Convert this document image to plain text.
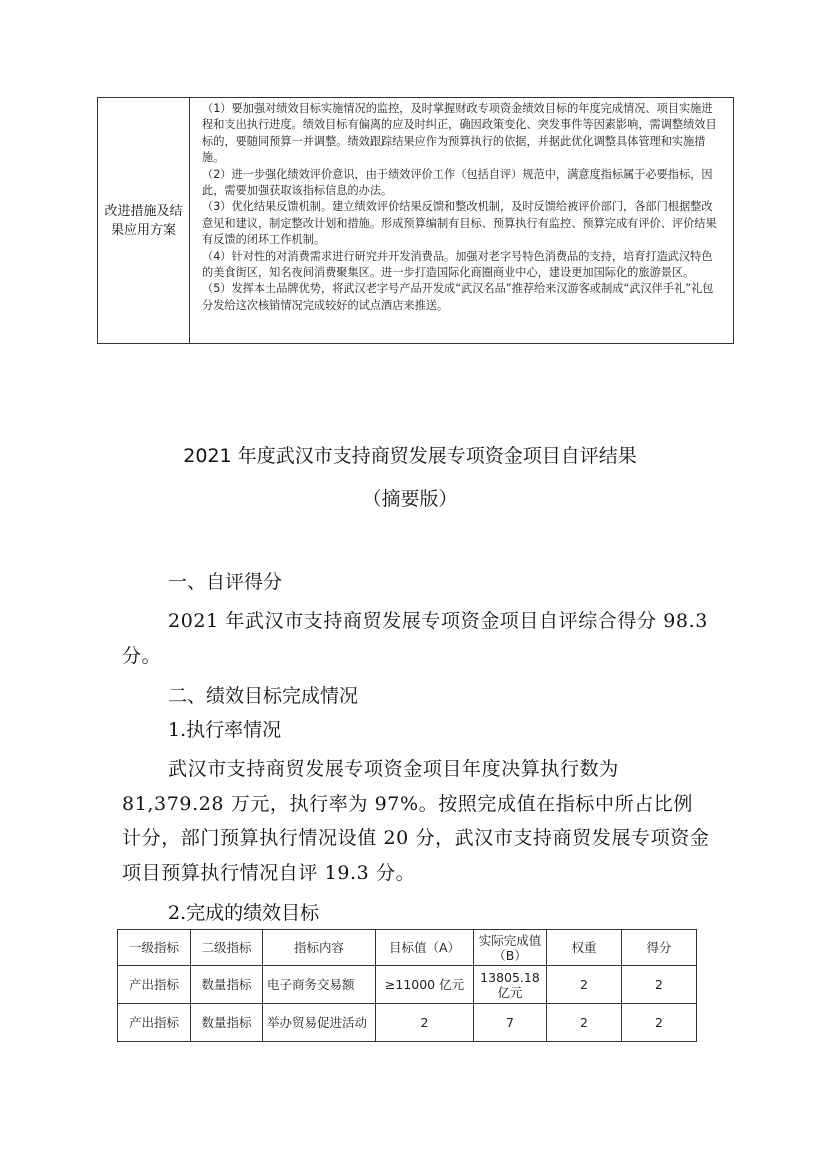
改进措施及结果应用方案

（1）要加强对绩效目标实施情况的监控，及时掌握财政专项资金绩效目标的年度完成情况、项目实施进程和支出执行进度。绩效目标有偏离的应及时纠正，确因政策变化、突发事件等因素影响，需调整绩效目标的，要随同预算一并调整。绩效跟踪结果应作为预算执行的依据，并据此优化调整具体管理和实施措施。

（2）进一步强化绩效评价意识，由于绩效评价工作（包括自评）规范中，满意度指标属于必要指标，因此，需要加强获取该指标信息的办法。

（3）优化结果反馈机制。建立绩效评价结果反馈和整改机制，及时反馈给被评价部门，各部门根据整改意见和建议，制定整改计划和措施。形成预算编制有目标、预算执行有监控、预算完成有评价、评价结果有反馈的闭环工作机制。

（4）针对性的对消费需求进行研究并开发消费品。加强对老字号特色消费品的支持，培育打造武汉特色的美食街区，知名夜间消费聚集区。进一步打造国际化商圈商业中心，建设更加国际化的旅游景区。

（5）发挥本土品牌优势，将武汉老字号产品开发成“武汉名品”推荐给来汉游客或制成“武汉伴手礼”礼包分发给这次核销情况完成较好的试点酒店来推送。

2021 年度武汉市支持商贸发展专项资金项目自评结果
（摘要版）
一、自评得分
2021 年武汉市支持商贸发展专项资金项目自评综合得分 98.3 分。
二、绩效目标完成情况
1.执行率情况
武汉市支持商贸发展专项资金项目年度决算执行数为 81,379.28 万元，执行率为 97%。按照完成值在指标中所占比例计分，部门预算执行情况设值 20 分，武汉市支持商贸发展专项资金项目预算执行情况自评 19.3 分。
2.完成的绩效目标
一级指标	二级指标	指标内容	目标值（A）	实际完成值（B）	权重	得分
产出指标	数量指标	电子商务交易额	≥11000 亿元	13805.18 亿元	2	2
产出指标	数量指标	举办贸易促进活动	2	7	2	2
